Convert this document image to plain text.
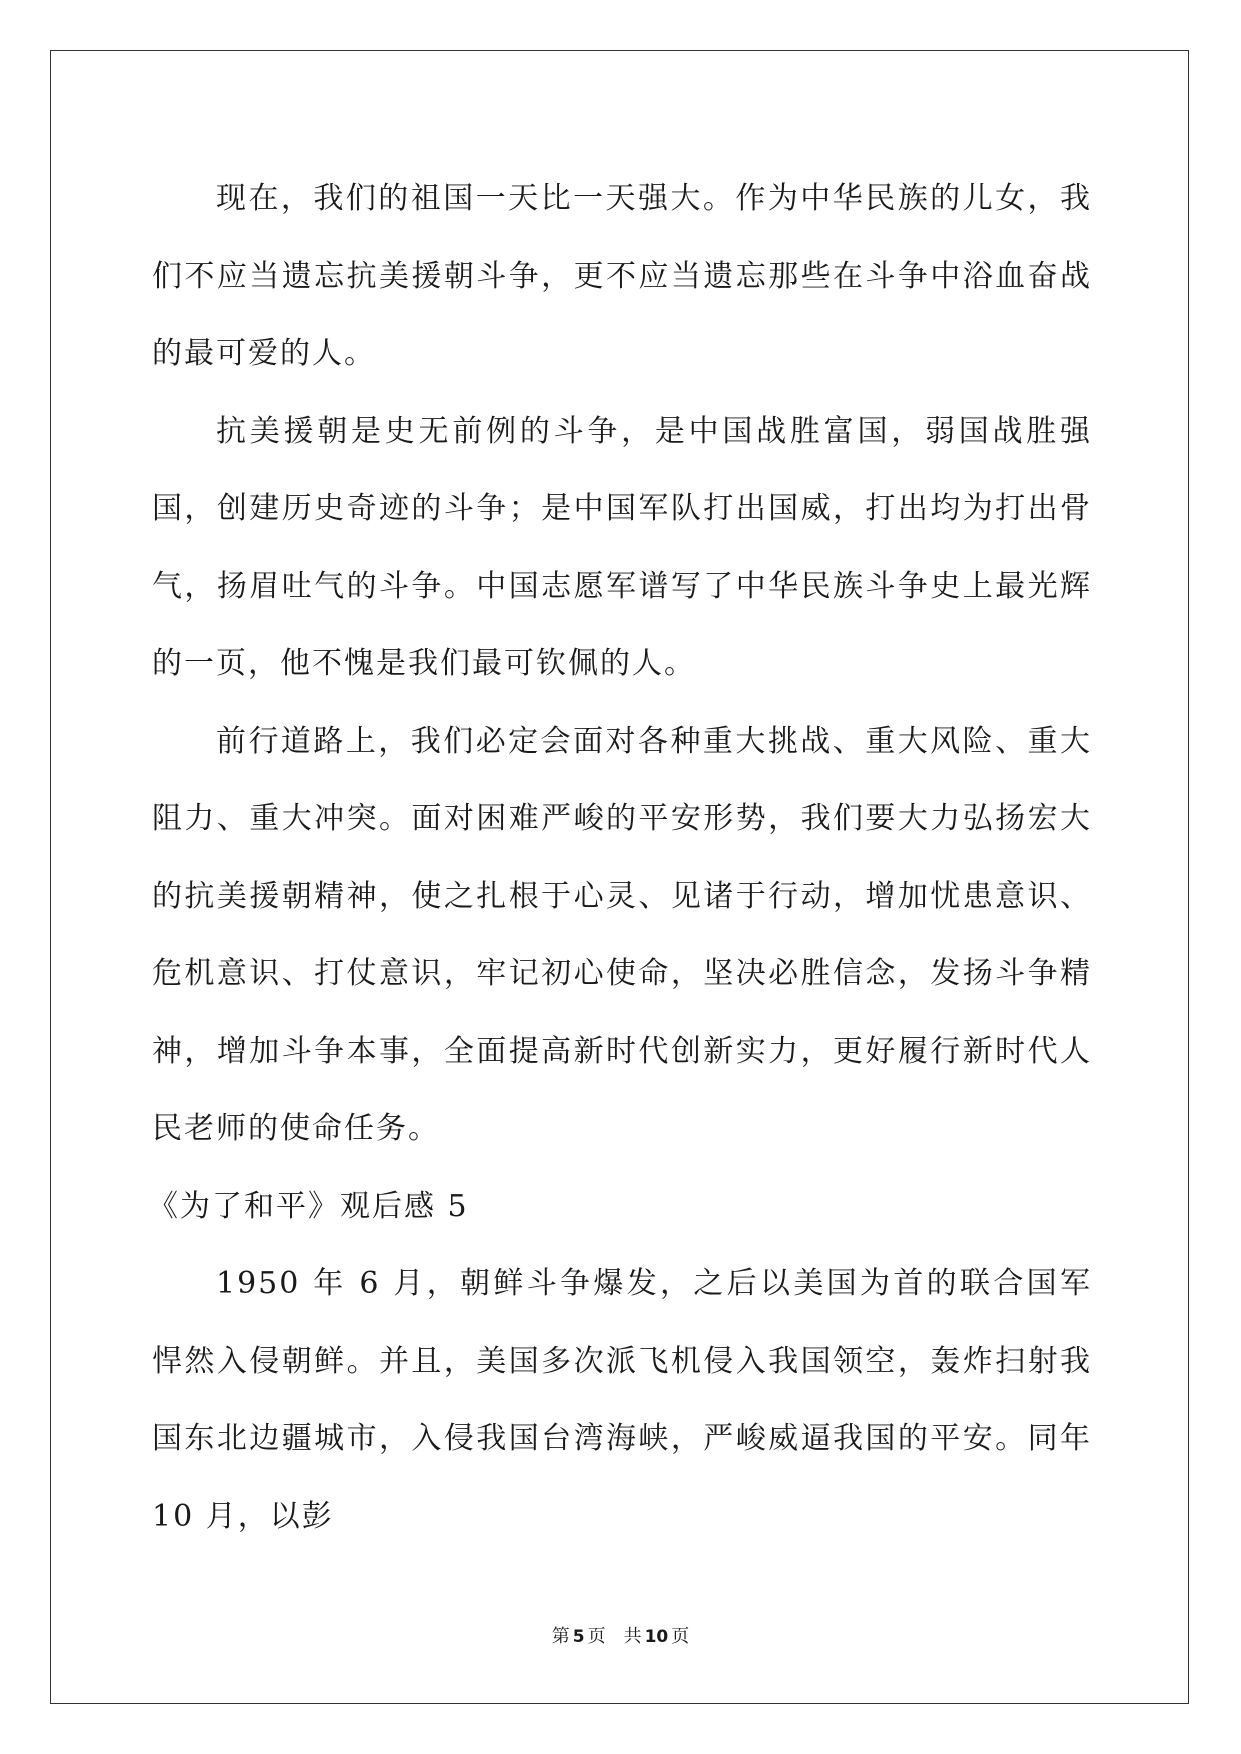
现在，我们的祖国一天比一天强大。作为中华民族的儿女，我们不应当遗忘抗美援朝斗争，更不应当遗忘那些在斗争中浴血奋战的最可爱的人。

抗美援朝是史无前例的斗争，是中国战胜富国，弱国战胜强国，创建历史奇迹的斗争；是中国军队打出国威，打出均为打出骨气，扬眉吐气的斗争。中国志愿军谱写了中华民族斗争史上最光辉的一页，他不愧是我们最可钦佩的人。

前行道路上，我们必定会面对各种重大挑战、重大风险、重大阻力、重大冲突。面对困难严峻的平安形势，我们要大力弘扬宏大的抗美援朝精神，使之扎根于心灵、见诸于行动，增加忧患意识、危机意识、打仗意识，牢记初心使命，坚决必胜信念，发扬斗争精神，增加斗争本事，全面提高新时代创新实力，更好履行新时代人民老师的使命任务。

《为了和平》观后感 5

1950 年 6 月，朝鲜斗争爆发，之后以美国为首的联合国军悍然入侵朝鲜。并且，美国多次派飞机侵入我国领空，轰炸扫射我国东北边疆城市，入侵我国台湾海峡，严峻威逼我国的平安。同年 10 月，以彭

第 5 页 共 10 页
